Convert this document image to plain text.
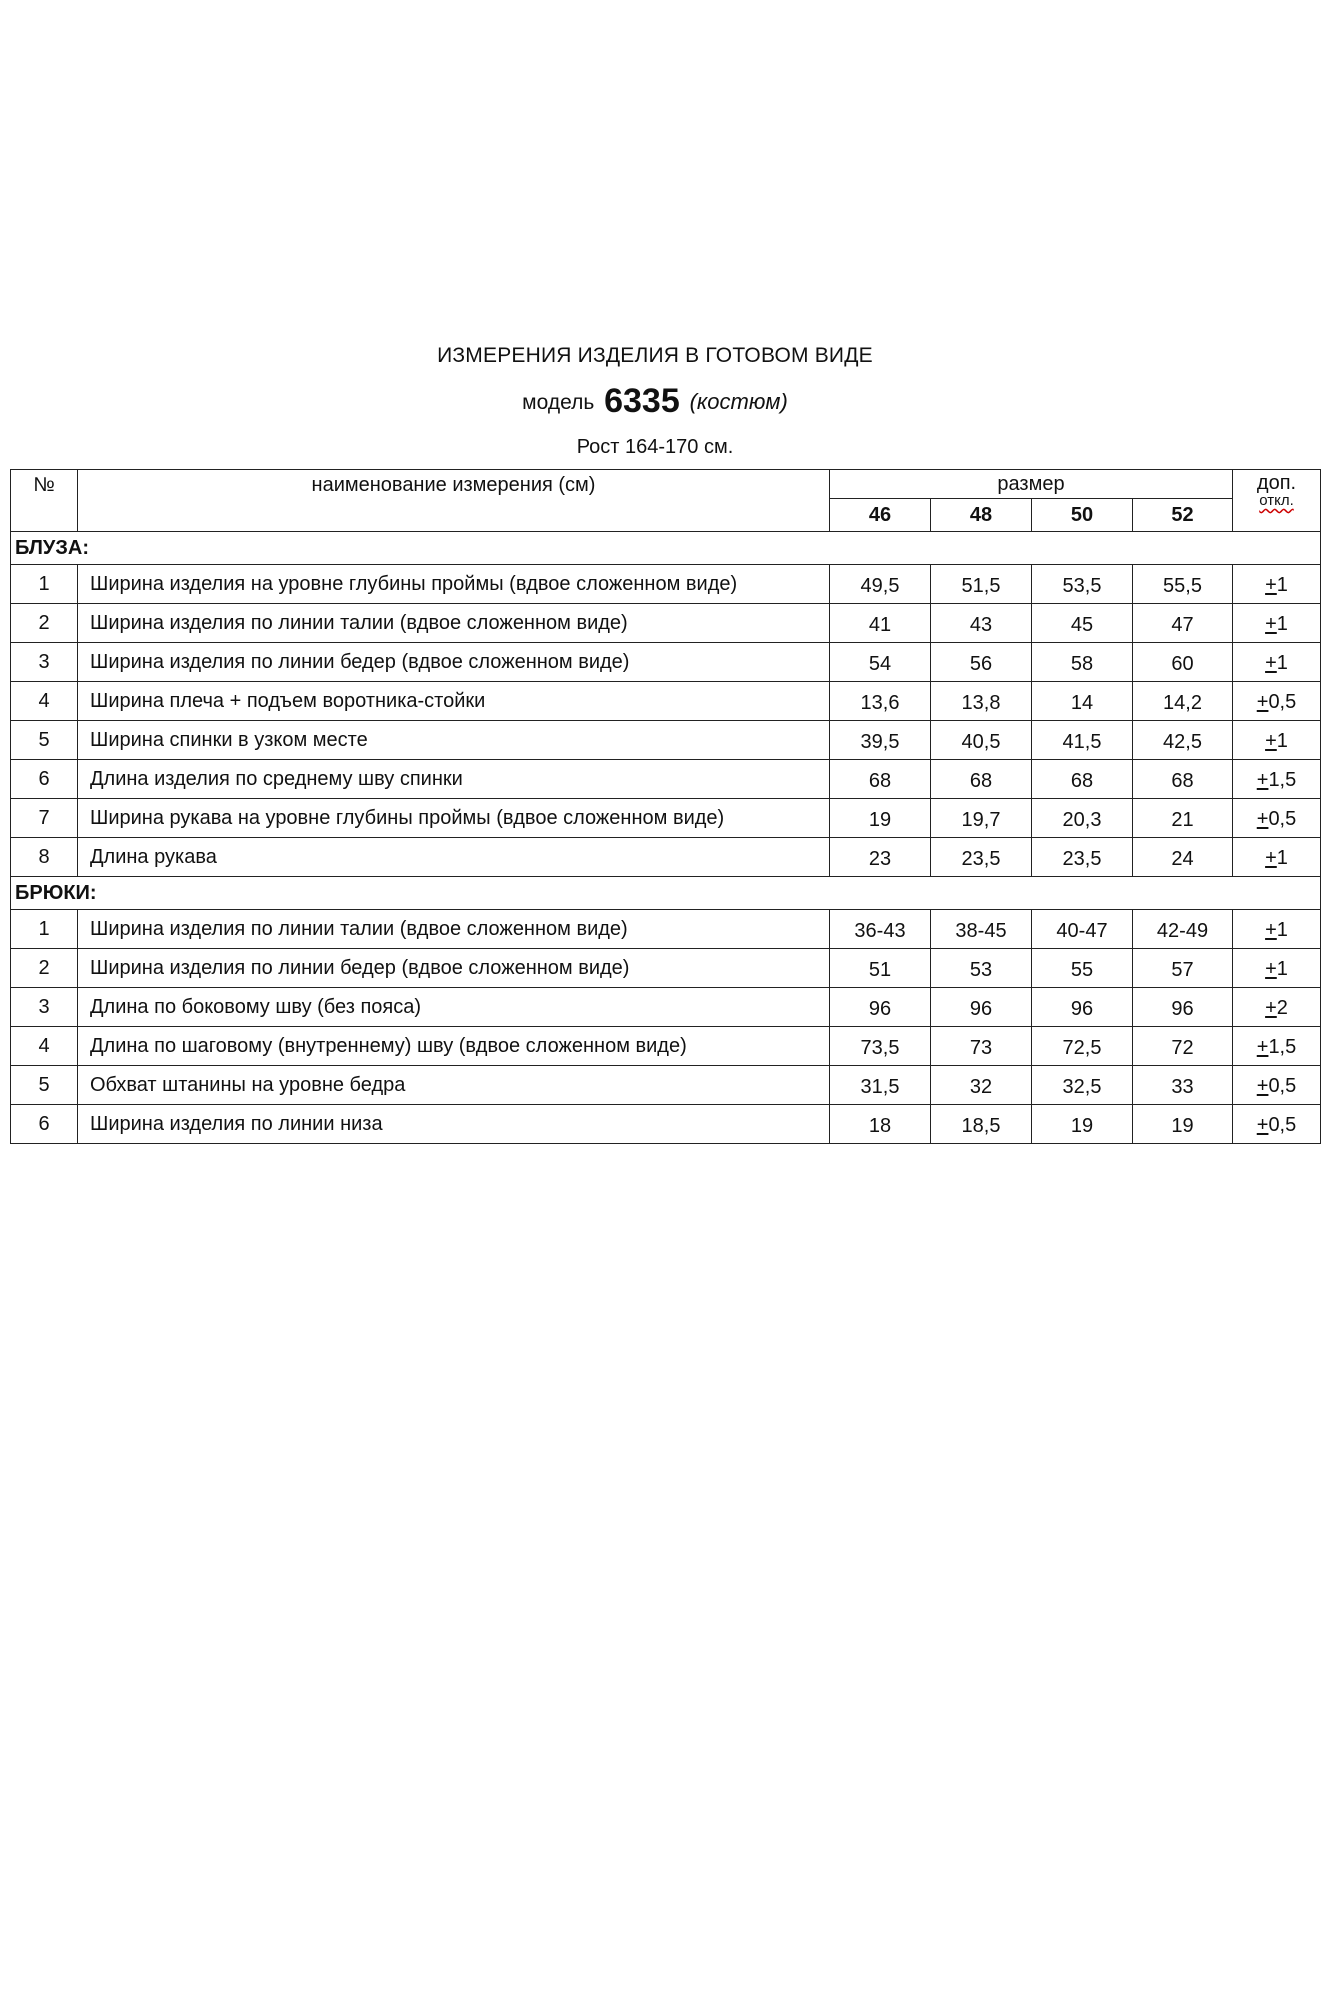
ИЗМЕРЕНИЯ ИЗДЕЛИЯ В ГОТОВОМ ВИДЕ
модель 6335 (костюм)
Рост 164-170 см.
№	наименование измерения (см)	размер				доп.
откл.

		46	48	50	52	
БЛУЗА:						
1	Ширина изделия на уровне глубины проймы (вдвое сложенном виде)	49,5	51,5	53,5	55,5	+1
2	Ширина изделия по линии талии (вдвое сложенном виде)	41	43	45	47	+1
3	Ширина изделия по линии бедер (вдвое сложенном виде)	54	56	58	60	+1
4	Ширина плеча + подъем воротника-стойки	13,6	13,8	14	14,2	+0,5
5	Ширина спинки в узком месте	39,5	40,5	41,5	42,5	+1
6	Длина изделия по среднему шву спинки	68	68	68	68	+1,5
7	Ширина рукава на уровне глубины проймы (вдвое сложенном виде)	19	19,7	20,3	21	+0,5
8	Длина рукава	23	23,5	23,5	24	+1
БРЮКИ:						
1	Ширина изделия по линии талии (вдвое сложенном виде)	36-43	38-45	40-47	42-49	+1
2	Ширина изделия по линии бедер (вдвое сложенном виде)	51	53	55	57	+1
3	Длина по боковому шву (без пояса)	96	96	96	96	+2
4	Длина по шаговому (внутреннему) шву (вдвое сложенном виде)	73,5	73	72,5	72	+1,5
5	Обхват штанины на уровне бедра	31,5	32	32,5	33	+0,5
6	Ширина изделия по линии низа	18	18,5	19	19	+0,5
